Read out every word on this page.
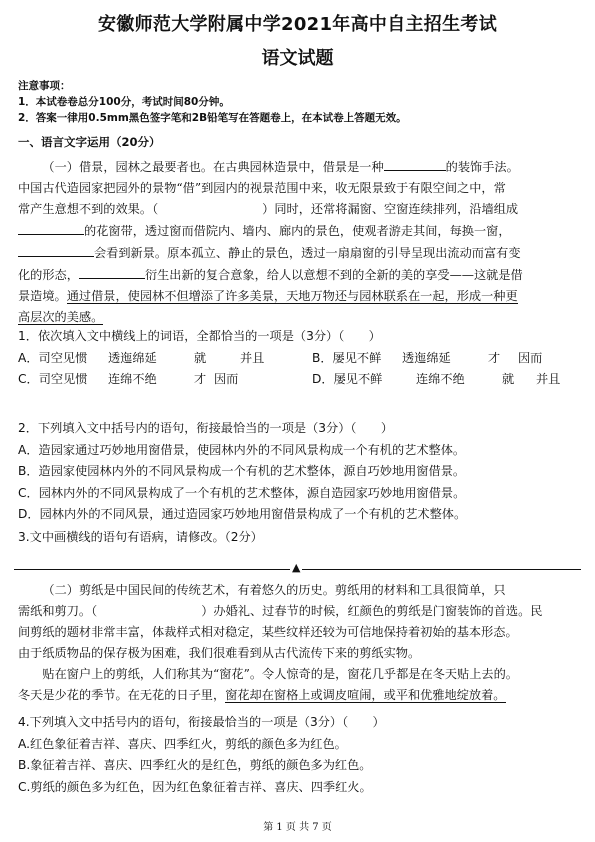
安徽师范大学附属中学2021年高中自主招生考试
语文试题
注意事项：
1．本试卷卷总分100分，考试时间80分钟。
2．答案一律用0.5mm黑色签字笔和2B铅笔写在答题卷上，在本试卷上答题无效。
一、语言文字运用（20分）

（一）借景，园林之最要者也。在古典园林造景中，借景是一种	的装饰手法。

中国古代造园家把园外的景物“借”到园内的视景范围中来，收无限景致于有限空间之中，常

常产生意想不到的效果。（	）同时，还常将漏窗、空窗连续排列，沿墙组成

的花窗带，透过窗而借院内、墙内、廊内的景色，使观者游走其间，每换一窗，

会看到新景。原本孤立、静止的景色，透过一扇扇窗的引导呈现出流动而富有变

化的形态，	衍生出新的复合意象，给人以意想不到的全新的美的享受——这就是借

景造境。通过借景，使园林不但增添了许多美景，天地万物还与园林联系在一起，形成一种更

高层次的美感。

1．依次填入文中横线上的词语，全都恰当的一项是（3分）（　　）
A．司空见惯 透迤绵延	就	并且	B．屡见不鲜 透迤绵延	才 因而
C．司空见惯 连绵不绝	才 因而	D．屡见不鲜	连绵不绝	就 并且
2．下列填入文中括号内的语句，衔接最恰当的一项是（3分）（　　）
A．造园家通过巧妙地用窗借景，使园林内外的不同风景构成一个有机的艺术整体。
B．造园家使园林内外的不同风景构成一个有机的艺术整体，源自巧妙地用窗借景。
C．园林内外的不同风景构成了一个有机的艺术整体，源自造园家巧妙地用窗借景。
D．园林内外的不同风景，通过造园家巧妙地用窗借景构成了一个有机的艺术整体。
3.文中画横线的语句有语病，请修改。（2分）
▲

（二）剪纸是中国民间的传统艺术，有着悠久的历史。剪纸用的材料和工具很简单，只

需纸和剪刀。（	）办婚礼、过春节的时候，红颜色的剪纸是门窗装饰的首选。民

间剪纸的题材非常丰富，体裁样式相对稳定，某些纹样还较为可信地保持着初始的基本形态。

由于纸质物品的保存极为困难，我们很难看到从古代流传下来的剪纸实物。

贴在窗户上的剪纸，人们称其为“窗花”。令人惊奇的是，窗花几乎都是在冬天贴上去的。

冬天是少花的季节。在无花的日子里，窗花却在窗格上或调皮喧闹，或平和优雅地绽放着。

4.下列填入文中括号内的语句，衔接最恰当的一项是（3分）（　　）
A.红色象征着吉祥、喜庆、四季红火，剪纸的颜色多为红色。
B.象征着吉祥、喜庆、四季红火的是红色，剪纸的颜色多为红色。
C.剪纸的颜色多为红色，因为红色象征着吉祥、喜庆、四季红火。
第 1 页 共 7 页
